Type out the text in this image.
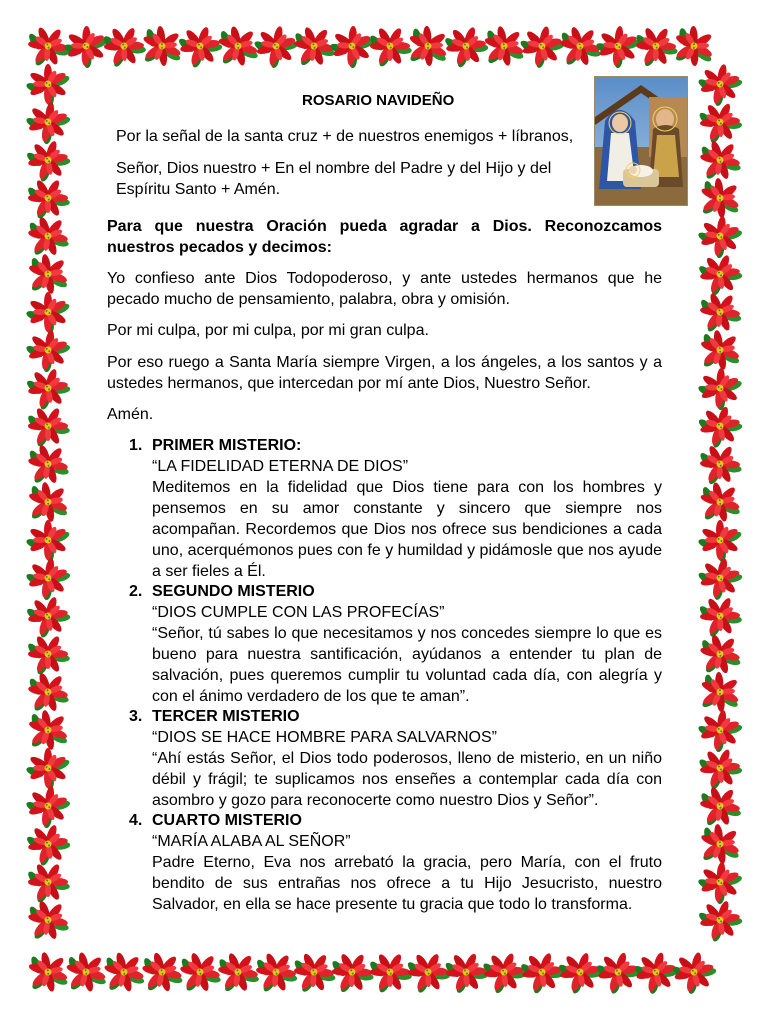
ROSARIO NAVIDEÑO

Por la señal de la santa cruz + de nuestros enemigos + líbranos,

Señor, Dios nuestro + En el nombre del Padre y del Hijo y del Espíritu Santo + Amén.

Para que nuestra Oración pueda agradar a Dios. Reconozcamos nuestros pecados y decimos:

Yo confieso ante Dios Todopoderoso, y ante ustedes hermanos que he pecado mucho de pensamiento, palabra, obra y omisión.

Por mi culpa, por mi culpa, por mi gran culpa.

Por eso ruego a Santa María siempre Virgen, a los ángeles, a los santos y a ustedes hermanos, que intercedan por mí ante Dios, Nuestro Señor.

Amén.

1. PRIMER MISTERIO:
“LA FIDELIDAD ETERNA DE DIOS”
Meditemos en la fidelidad que Dios tiene para con los hombres y pensemos en su amor constante y sincero que siempre nos acompañan. Recordemos que Dios nos ofrece sus bendiciones a cada uno, acerquémonos pues con fe y humildad y pidámosle que nos ayude a ser fieles a Él.
2. SEGUNDO MISTERIO
“DIOS CUMPLE CON LAS PROFECÍAS”
“Señor, tú sabes lo que necesitamos y nos concedes siempre lo que es bueno para nuestra santificación, ayúdanos a entender tu plan de salvación, pues queremos cumplir tu voluntad cada día, con alegría y con el ánimo verdadero de los que te aman”.
3. TERCER MISTERIO
“DIOS SE HACE HOMBRE PARA SALVARNOS”
“Ahí estás Señor, el Dios todo poderosos, lleno de misterio, en un niño débil y frágil; te suplicamos nos enseñes a contemplar cada día con asombro y gozo para reconocerte como nuestro Dios y Señor”.
4. CUARTO MISTERIO
“MARÍA ALABA AL SEÑOR”
Padre Eterno, Eva nos arrebató la gracia, pero María, con el fruto bendito de sus entrañas nos ofrece a tu Hijo Jesucristo, nuestro Salvador, en ella se hace presente tu gracia que todo lo transforma.
